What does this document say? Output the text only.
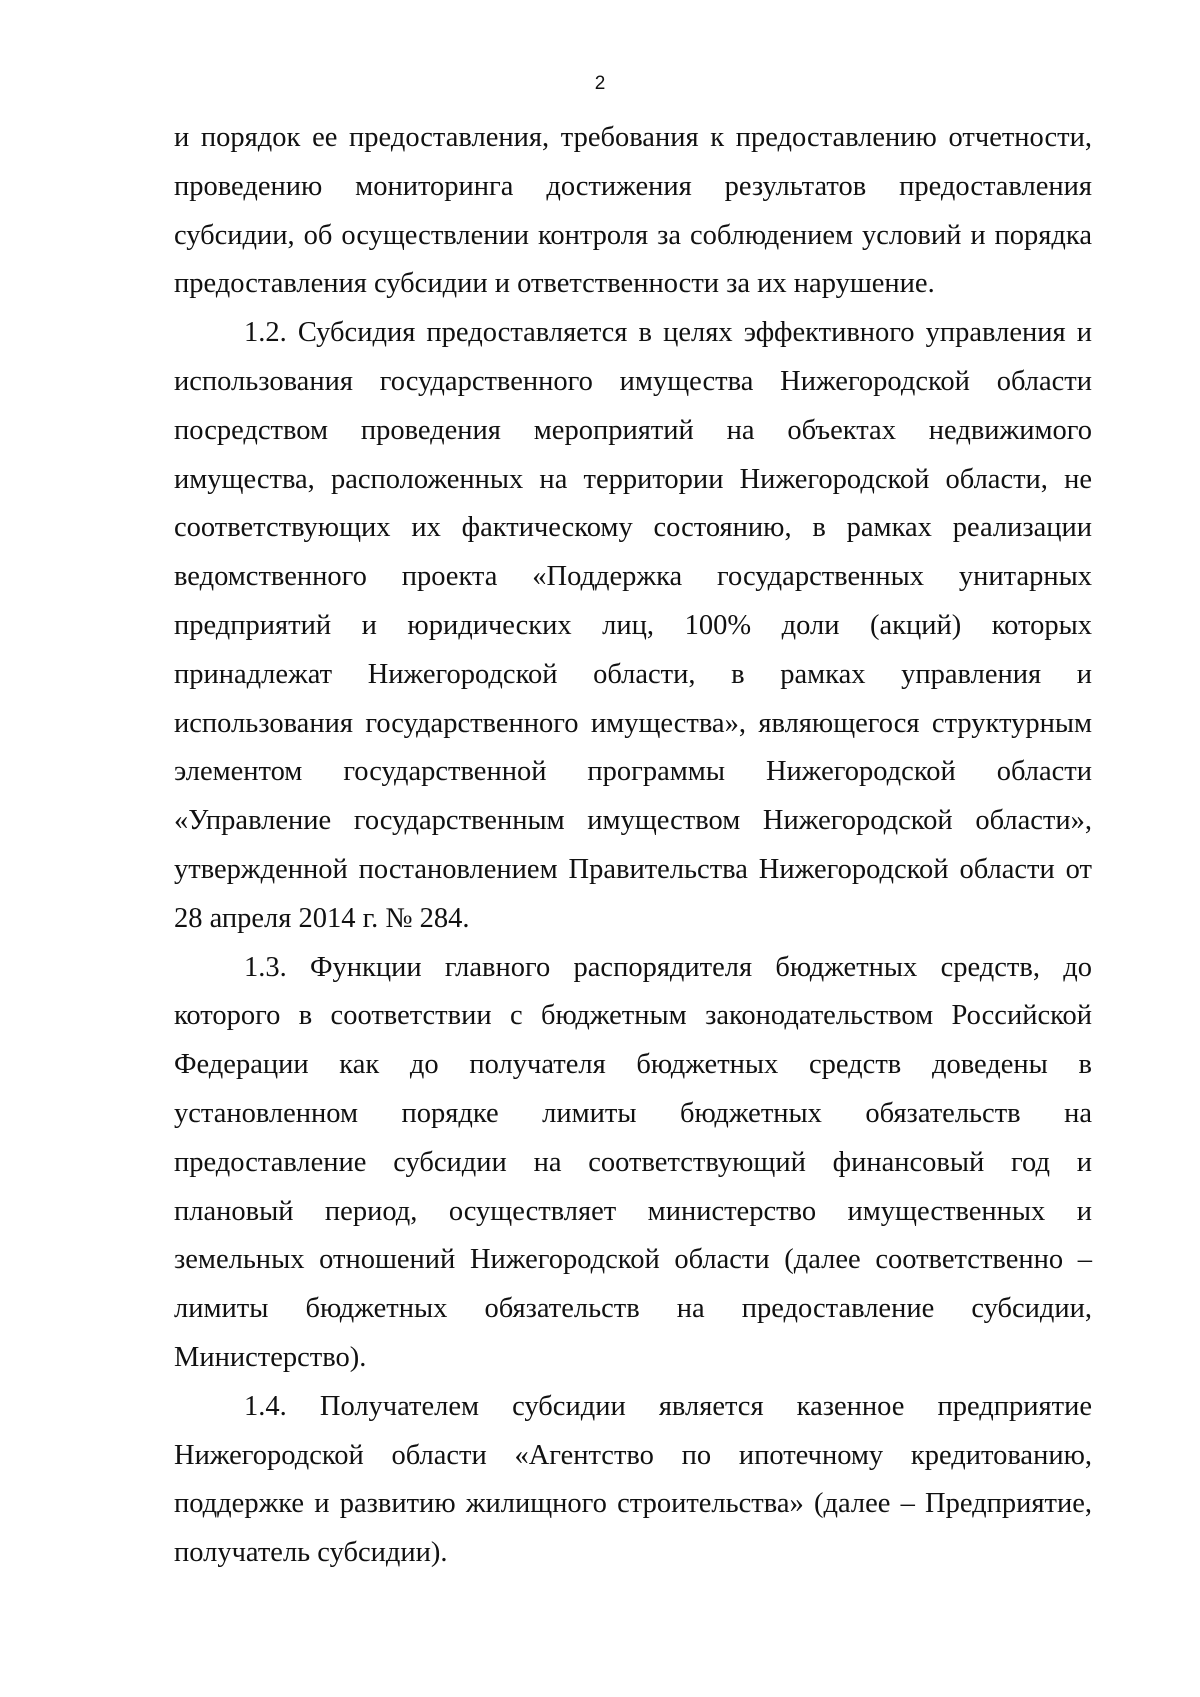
2

и порядок ее предоставления, требования к предоставлению отчетности, проведению мониторинга достижения результатов предоставления субсидии, об осуществлении контроля за соблюдением условий и порядка предоставления субсидии и ответственности за их нарушение.

1.2. Субсидия предоставляется в целях эффективного управления и использования государственного имущества Нижегородской области посредством проведения мероприятий на объектах недвижимого имущества, расположенных на территории Нижегородской области, не соответствующих их фактическому состоянию, в рамках реализации ведомственного проекта «Поддержка государственных унитарных предприятий и юридических лиц, 100% доли (акций) которых принадлежат Нижегородской области, в рамках управления и использования государственного имущества», являющегося структурным элементом государственной программы Нижегородской области «Управление государственным имуществом Нижегородской области», утвержденной постановлением Правительства Нижегородской области от 28 апреля 2014 г. № 284.

1.3. Функции главного распорядителя бюджетных средств, до которого в соответствии с бюджетным законодательством Российской Федерации как до получателя бюджетных средств доведены в установленном порядке лимиты бюджетных обязательств на предоставление субсидии на соответствующий финансовый год и плановый период, осуществляет министерство имущественных и земельных отношений Нижегородской области (далее соответственно – лимиты бюджетных обязательств на предоставление субсидии, Министерство).

1.4. Получателем субсидии является казенное предприятие Нижегородской области «Агентство по ипотечному кредитованию, поддержке и развитию жилищного строительства» (далее – Предприятие, получатель субсидии).
